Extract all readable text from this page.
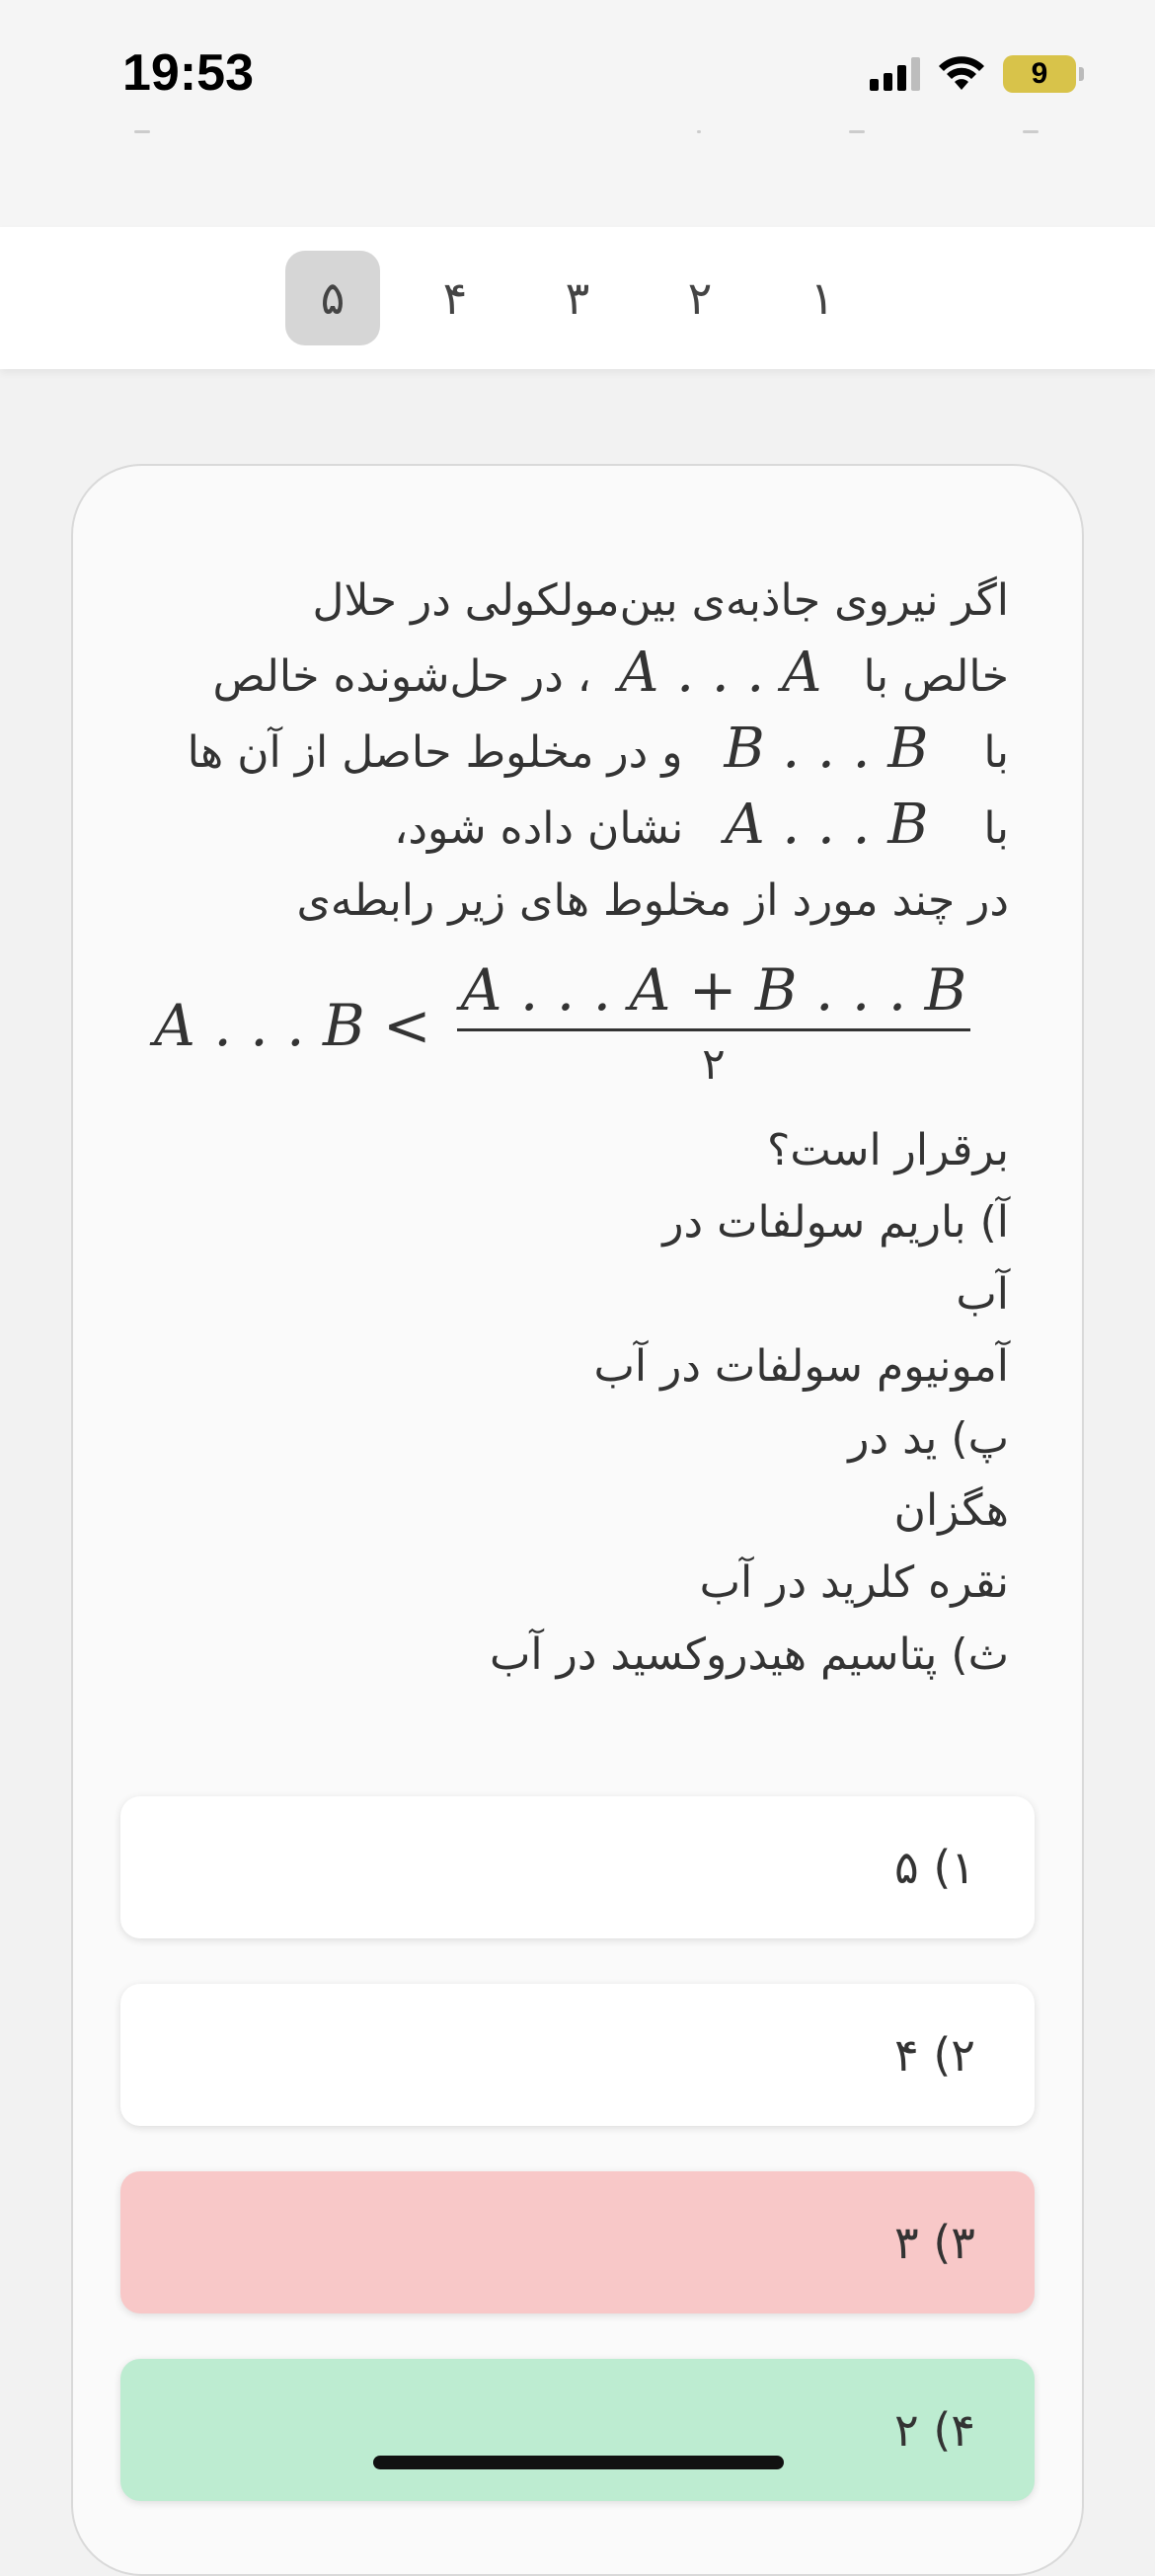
19:53	9
۱
۲
۳
۴
۵
اگر نیروی جاذبه‌ی بین‌مولکولی در حلال
خالص با   A . . . A  ، در حل‌شونده خالص
با    B . . . B   و در مخلوط حاصل از آن ها
با    A . . . B   نشان داده شود،
در چند مورد از مخلوط های زیر رابطه‌ی
A . . . $B < \frac{A . . . A + B . . . B}{۲}$
برقرار است؟
آ) باریم سولفات در
آب
آمونیوم سولفات در آب
پ) ید در
هگزان
نقره کلرید در آب
ث) پتاسیم هیدروکسید در آب
۱) ۵
۲) ۴
۳) ۳
۴) ۲
